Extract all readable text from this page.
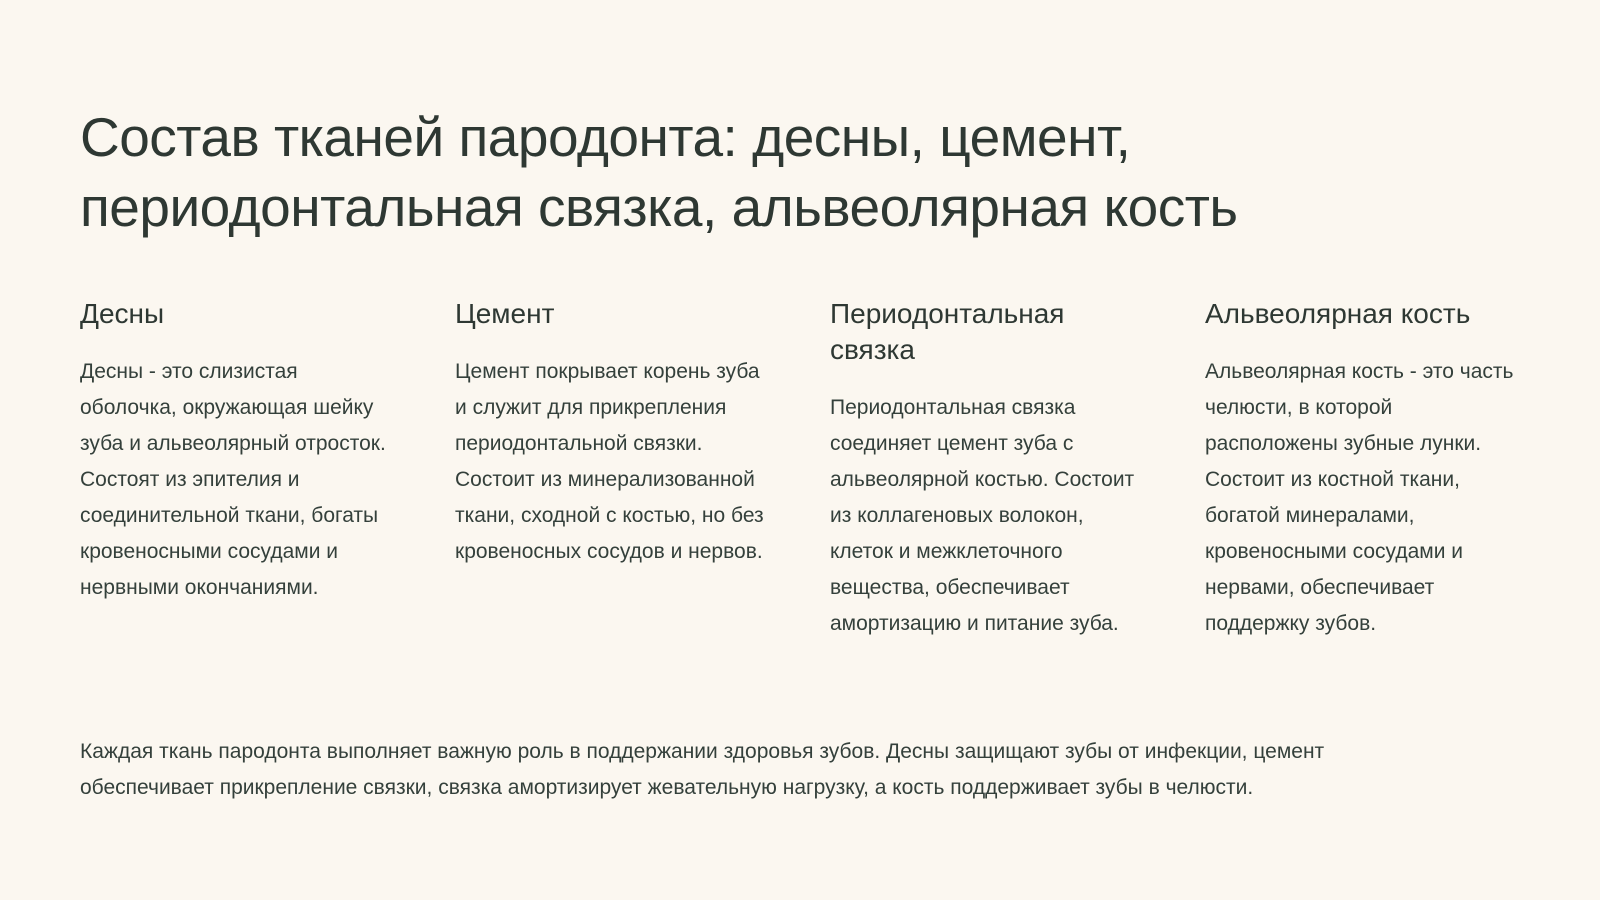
Состав тканей пародонта: десны, цемент, периодонтальная связка, альвеолярная кость
Десны

Десны - это слизистая оболочка, окружающая шейку зуба и альвеолярный отросток. Состоят из эпителия и соединительной ткани, богаты кровеносными сосудами и нервными окончаниями.

Цемент

Цемент покрывает корень зуба и служит для прикрепления периодонтальной связки. Состоит из минерализованной ткани, сходной с костью, но без кровеносных сосудов и нервов.

Периодонтальная связка

Периодонтальная связка соединяет цемент зуба с альвеолярной костью. Состоит из коллагеновых волокон, клеток и межклеточного вещества, обеспечивает амортизацию и питание зуба.

Альвеолярная кость

Альвеолярная кость - это часть челюсти, в которой расположены зубные лунки. Состоит из костной ткани, богатой минералами, кровеносными сосудами и нервами, обеспечивает поддержку зубов.

Каждая ткань пародонта выполняет важную роль в поддержании здоровья зубов. Десны защищают зубы от инфекции, цемент обеспечивает прикрепление связки, связка амортизирует жевательную нагрузку, а кость поддерживает зубы в челюсти.
